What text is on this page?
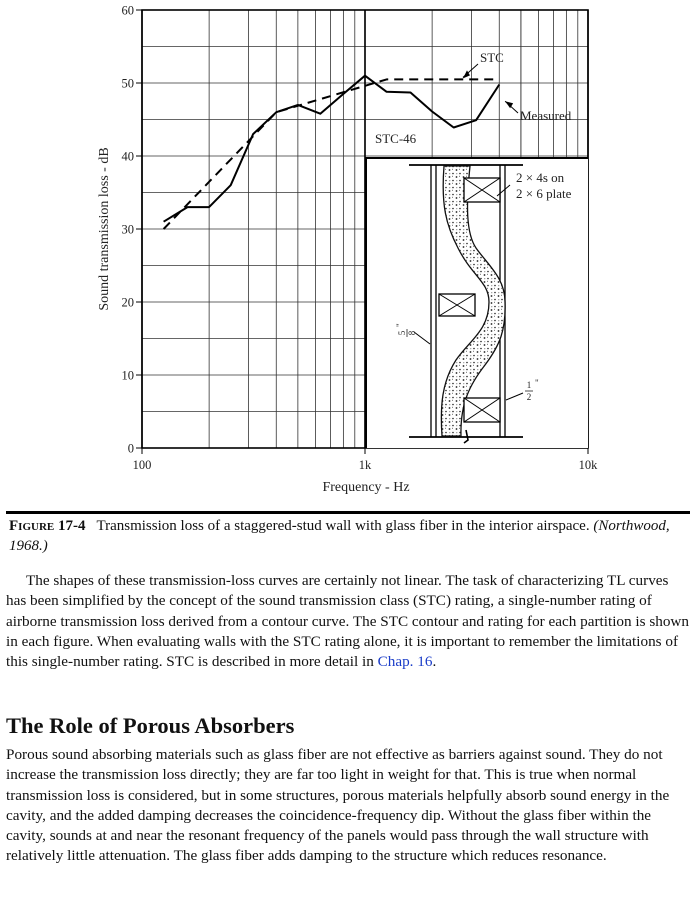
0
10
20
30
40
50
60
100	1k	10k
Frequency - Hz
Sound transmission loss - dB	2 × 4s on
2 × 6 plate
5 8
"
1
2
"
STC
Measured
STC-46
Figure 17-4 Transmission loss of a staggered-stud wall with glass fiber in the interior airspace. (Northwood, 1968.)

The shapes of these transmission-loss curves are certainly not linear. The task of characterizing TL curves has been simplified by the concept of the sound transmission class (STC) rating, a single-number rating of airborne transmission loss derived from a contour curve. The STC contour and rating for each partition is shown in each figure. When evaluating walls with the STC rating alone, it is important to remember the limitations of this single-number rating. STC is described in more detail in Chap. 16.

The Role of Porous Absorbers

Porous sound absorbing materials such as glass fiber are not effective as barriers against sound. They do not increase the transmission loss directly; they are far too light in weight for that. This is true when normal transmission loss is considered, but in some structures, porous materials helpfully absorb sound energy in the cavity, and the added damping decreases the coincidence-frequency dip. Without the glass fiber within the cavity, sounds at and near the resonant frequency of the panels would pass through the wall structure with relatively little attenuation. The glass fiber adds damping to the structure which reduces resonance.
